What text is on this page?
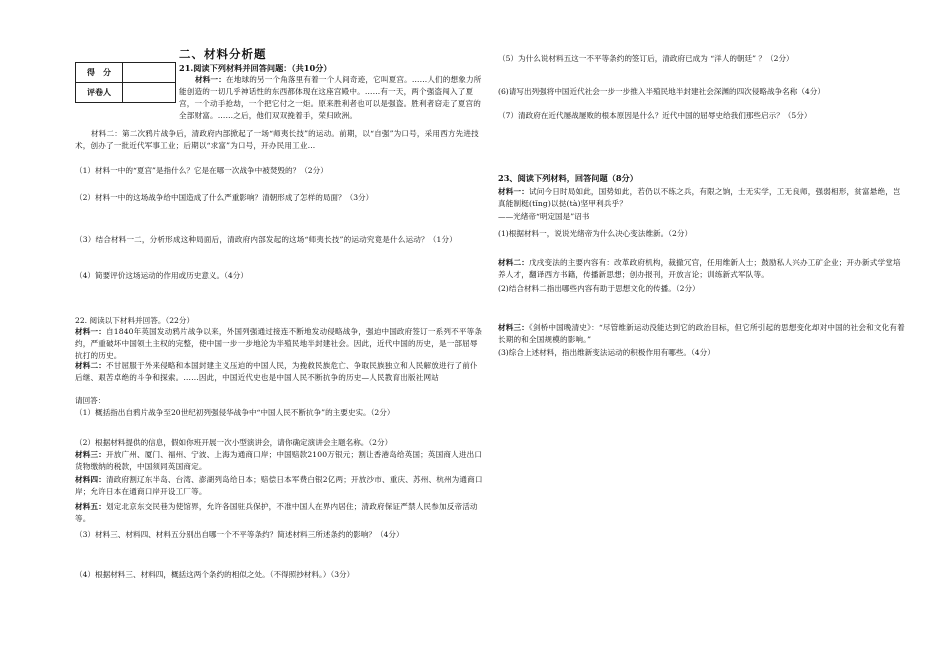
得　分	
评卷人	
二、材料分析题
21.阅读下列材料并回答问题：（共10分）
材料一：在地球的另一个角落里有着一个人间奇迹，它叫夏宫。……人们的想象力所能创造的一切几乎神话性的东西都体现在这座宫殿中。……有一天，两个强盗闯入了夏宫，一个动手抢劫，一个把它付之一炬。原来胜利者也可以是强盗。胜利者窃走了夏宫的全部财富。……之后，他们双双挽着手，荣归欧洲。
材料二：第二次鸦片战争后，清政府内部掀起了一场“师夷长技”的运动。前期，以“自强”为口号，采用西方先进技术，创办了一批近代军事工业；后期以“求富”为口号，开办民用工业…
（1）材料一中的“夏宫”是指什么？它是在哪一次战争中被焚毁的？（2分）
（2）材料一中的这场战争给中国造成了什么严重影响？清朝形成了怎样的局面？（3分）
（3）结合材料一二，分析形成这种局面后，清政府内部发起的这场“师夷长技”的运动究竟是什么运动？（1分）
（4）简要评价这场运动的作用或历史意义。（4分）
22. 阅读以下材料并回答。（22分）
材料一：自1840年英国发动鸦片战争以来，外国列强通过接连不断地发动侵略战争，强迫中国政府签订一系列不平等条约，严重破坏中国领土主权的完整，使中国一步一步地沦为半殖民地半封建社会。因此，近代中国的历史，是一部屈辱抗打的历史。
材料二：不甘屈服于外来侵略和本国封建主义压迫的中国人民，为挽救民族危亡、争取民族独立和人民解放进行了前仆后继、艰苦卓绝的斗争和探索。……因此，中国近代史也是中国人民不断抗争的历史—人民教育出版社网站
请回答：
（1）概括指出自鸦片战争至20世纪初列强侵华战争中“中国人民不断抗争”的主要史实。（2分）
（2）根据材料提供的信息，假如你班开展一次小型演讲会，请你确定演讲会主题名称。（2分）
材料三：开放广州、厦门、福州、宁波、上海为通商口岸；中国赔款2100万银元；割让香港岛给英国；英国商人进出口货物缴纳的税款，中国须同英国商定。
材料四：清政府割辽东半岛、台湾、澎湖列岛给日本；赔偿日本军费白银2亿两；开放沙市、重庆、苏州、杭州为通商口岸；允许日本在通商口岸开设工厂等。
材料五：划定北京东交民巷为使馆界，允许各国驻兵保护，不准中国人在界内居住；清政府保证严禁人民参加反帝活动等。
（3）材料三、材料四、材料五分别出自哪一个不平等条约？简述材料三所述条约的影响？（4分）
（4）根据材料三、材料四，概括这两个条约的相似之处。（不得照抄材料。）（3分）
（5）为什么说材料五这一不平等条约的签订后，清政府已成为 “洋人的朝廷” ？（2分）
(6)请写出列强将中国近代社会一步一步推入半殖民地半封建社会深渊的四次侵略战争名称（4分）
（7）清政府在近代屡战屡败的根本原因是什么？近代中国的屈辱史给我们那些启示？（5分）
23、阅读下列材料，回答问题（8分）
材料一：试问今日时局如此，国势如此，若仍以不练之兵，有限之饷，士无实学，工无良师，强弱相形，贫富悬绝，岂真能制梃(tǐng)以挞(tà)坚甲利兵乎？
——光绪帝“明定国是”诏书
(1)根据材料一，说说光绪帝为什么决心变法维新。（2分）
材料二：戊戌变法的主要内容有：改革政府机构，裁撤冗官，任用维新人士；鼓励私人兴办工矿企业；开办新式学堂培养人才，翻译西方书籍，传播新思想；创办报刊，开放言论；训练新式军队等。
(2)结合材料二指出哪些内容有助于思想文化的传播。（2分）
材料三：《剑桥中国晚清史》：“尽管维新运动没能达到它的政治目标，但它所引起的思想变化却对中国的社会和文化有着长期的和全国规模的影响。”
(3)综合上述材料，指出维新变法运动的积极作用有哪些。（4分）
